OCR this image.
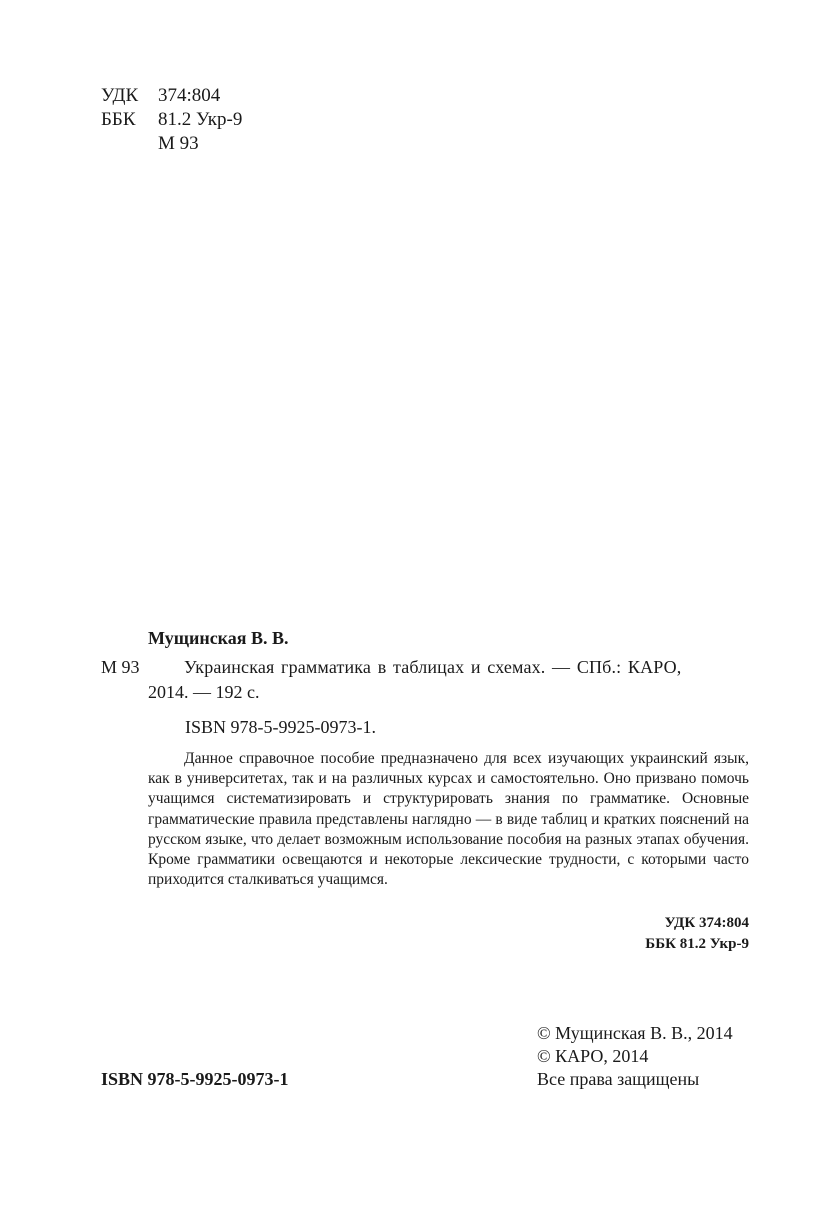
УДК	374:804
ББК	81.2 Укр-9
М 93
Мущинская В. В.
М 93 Украинская грамматика в таблицах и схемах. — СПб.: КАРО,
2014. — 192 с.
ISBN 978-5-9925-0973-1.

Данное справочное пособие предназначено для всех изучающих украинский язык, как в университетах, так и на различных курсах и самостоятельно. Оно призвано помочь учащимся систематизировать и структурировать знания по грамматике. Основные грамматические правила представлены наглядно — в виде таблиц и кратких пояснений на русском языке, что делает возможным использование пособия на разных этапах обучения. Кроме грамматики освещаются и некоторые лексические трудности, с которыми часто приходится сталкиваться учащимся.

УДК 374:804
ББК 81.2 Укр-9
ISBN 978-5-9925-0973-1
© Мущинская В. В., 2014
© КАРО, 2014
Все права защищены
